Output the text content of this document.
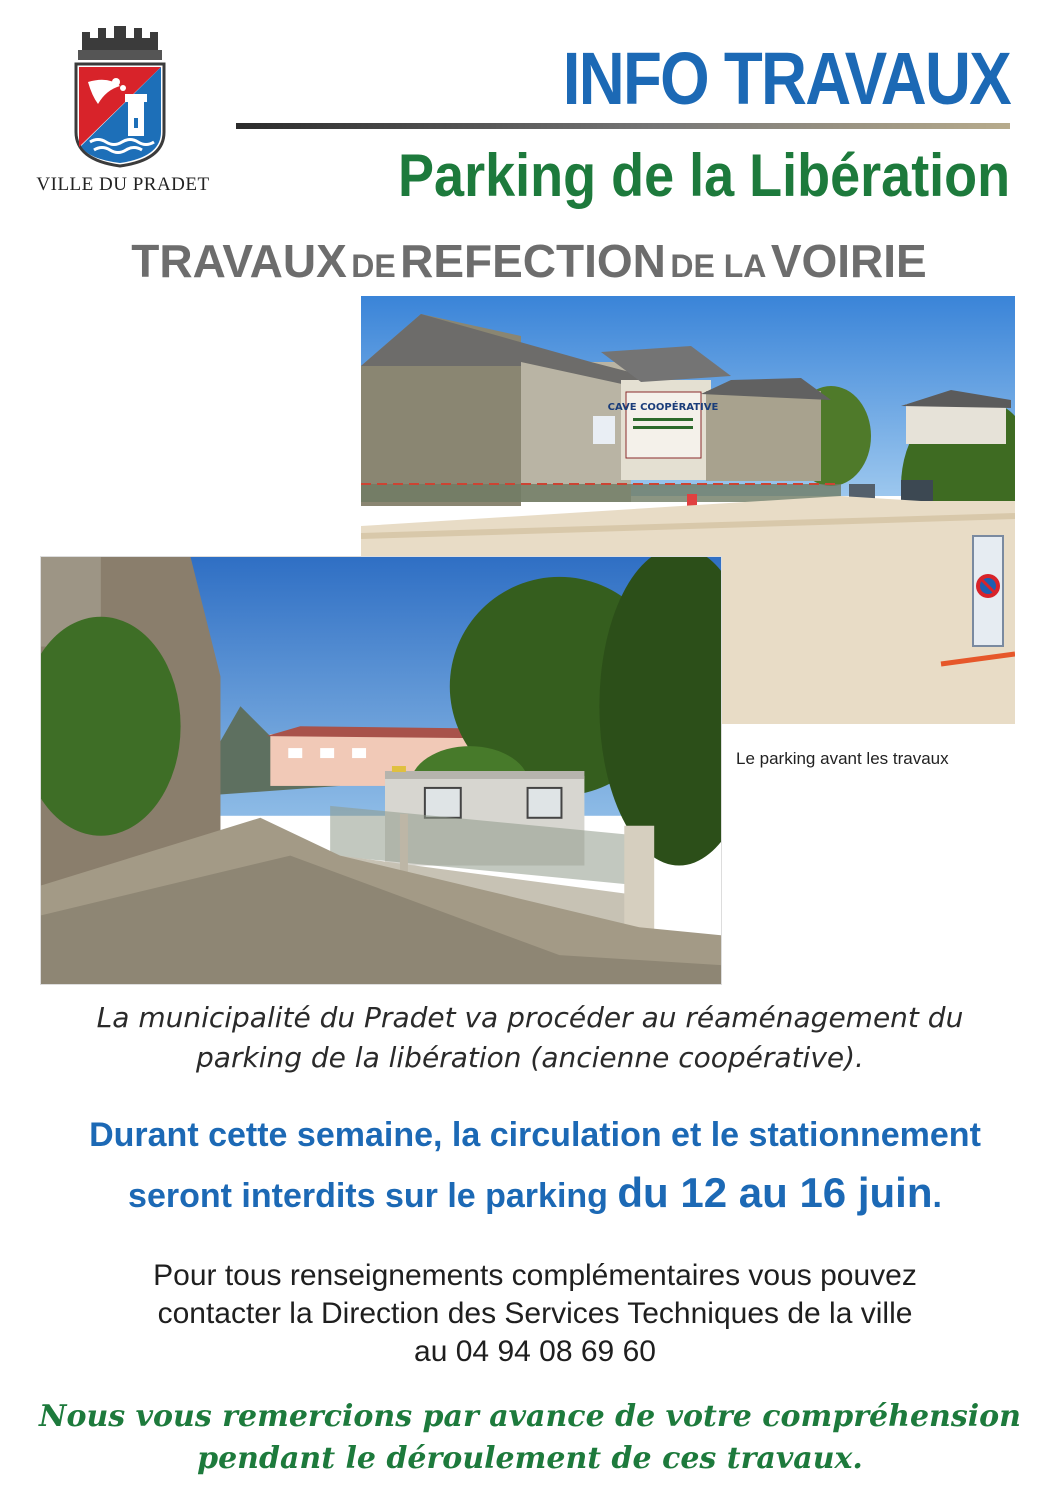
VILLE DU PRADET
INFO TRAVAUX
Parking de la Libération
TRAVAUX DE REFECTION DE LA VOIRIE
CAVE COOPÉRATIVE
Le parking avant les travaux

La municipalité du Pradet va procéder au réaménagement du

parking de la libération (ancienne coopérative).

Durant cette semaine, la circulation et le stationnement

seront interdits sur le parking du 12 au 16 juin.

Pour tous renseignements complémentaires vous pouvez

contacter la Direction des Services Techniques de la ville

au 04 94 08 69 60

Nous vous remercions par avance de votre compréhension

pendant le déroulement de ces travaux.
